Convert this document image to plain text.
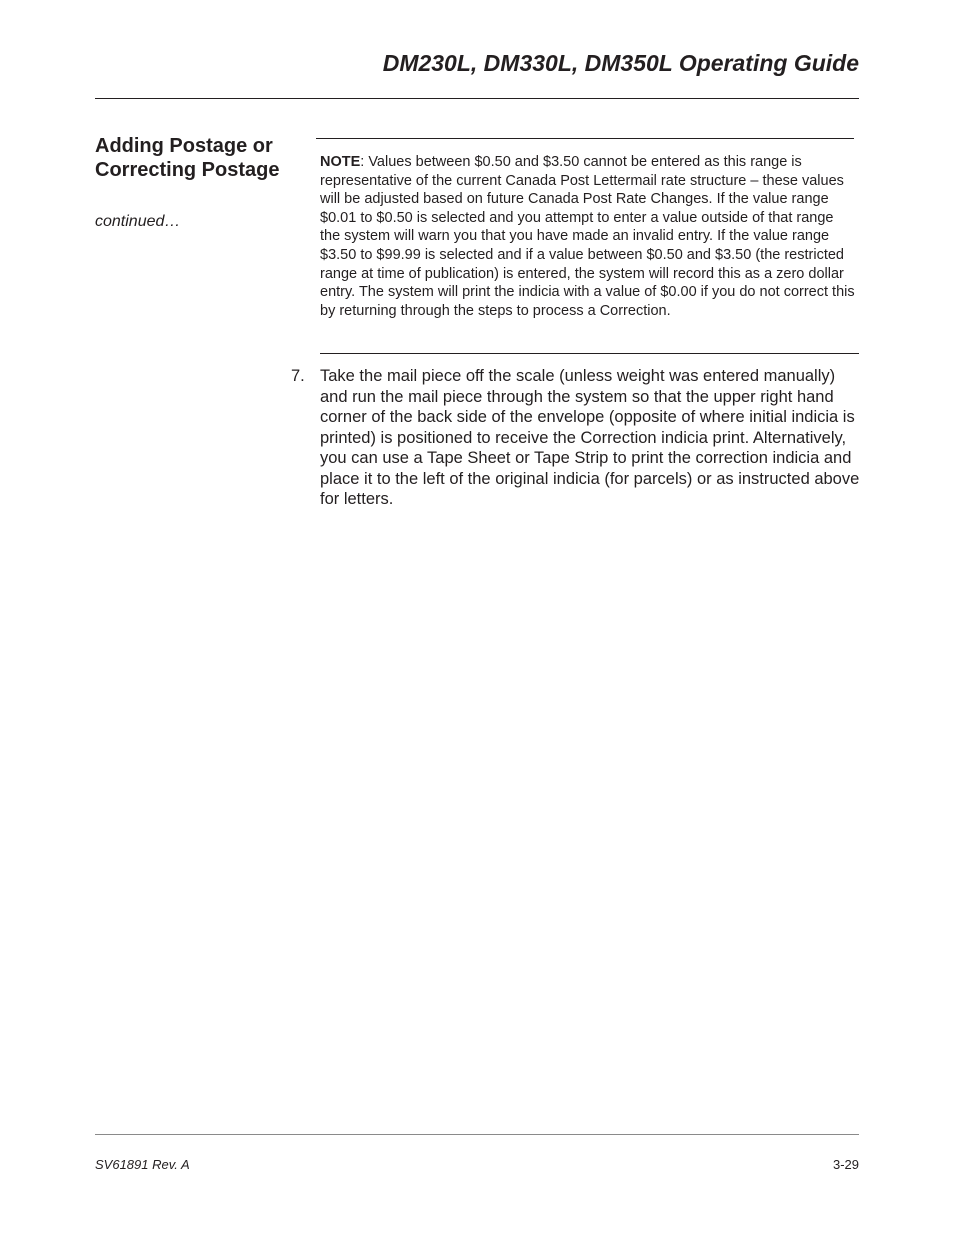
DM230L, DM330L, DM350L Operating Guide
Adding Postage or Correcting Postage
continued…
NOTE: Values between $0.50 and $3.50 cannot be entered as this range is representative of the current Canada Post Lettermail rate structure – these values will be adjusted based on future Canada Post Rate Changes. If the value range $0.01 to $0.50 is selected and you attempt to enter a value outside of that range the system will warn you that you have made an invalid entry. If the value range $3.50 to $99.99 is selected and if a value between $0.50 and $3.50 (the restricted range at time of publication) is entered, the system will record this as a zero dollar entry. The system will print the indicia with a value of $0.00 if you do not correct this by returning through the steps to process a Correction.
7. Take the mail piece off the scale (unless weight was entered manually) and run the mail piece through the system so that the upper right hand corner of the back side of the envelope (opposite of where initial indicia is printed) is positioned to receive the Correction indicia print. Alternatively, you can use a Tape Sheet or Tape Strip to print the correction indicia and place it to the left of the original indicia (for parcels) or as instructed above for letters.
SV61891 Rev. A	3-29
